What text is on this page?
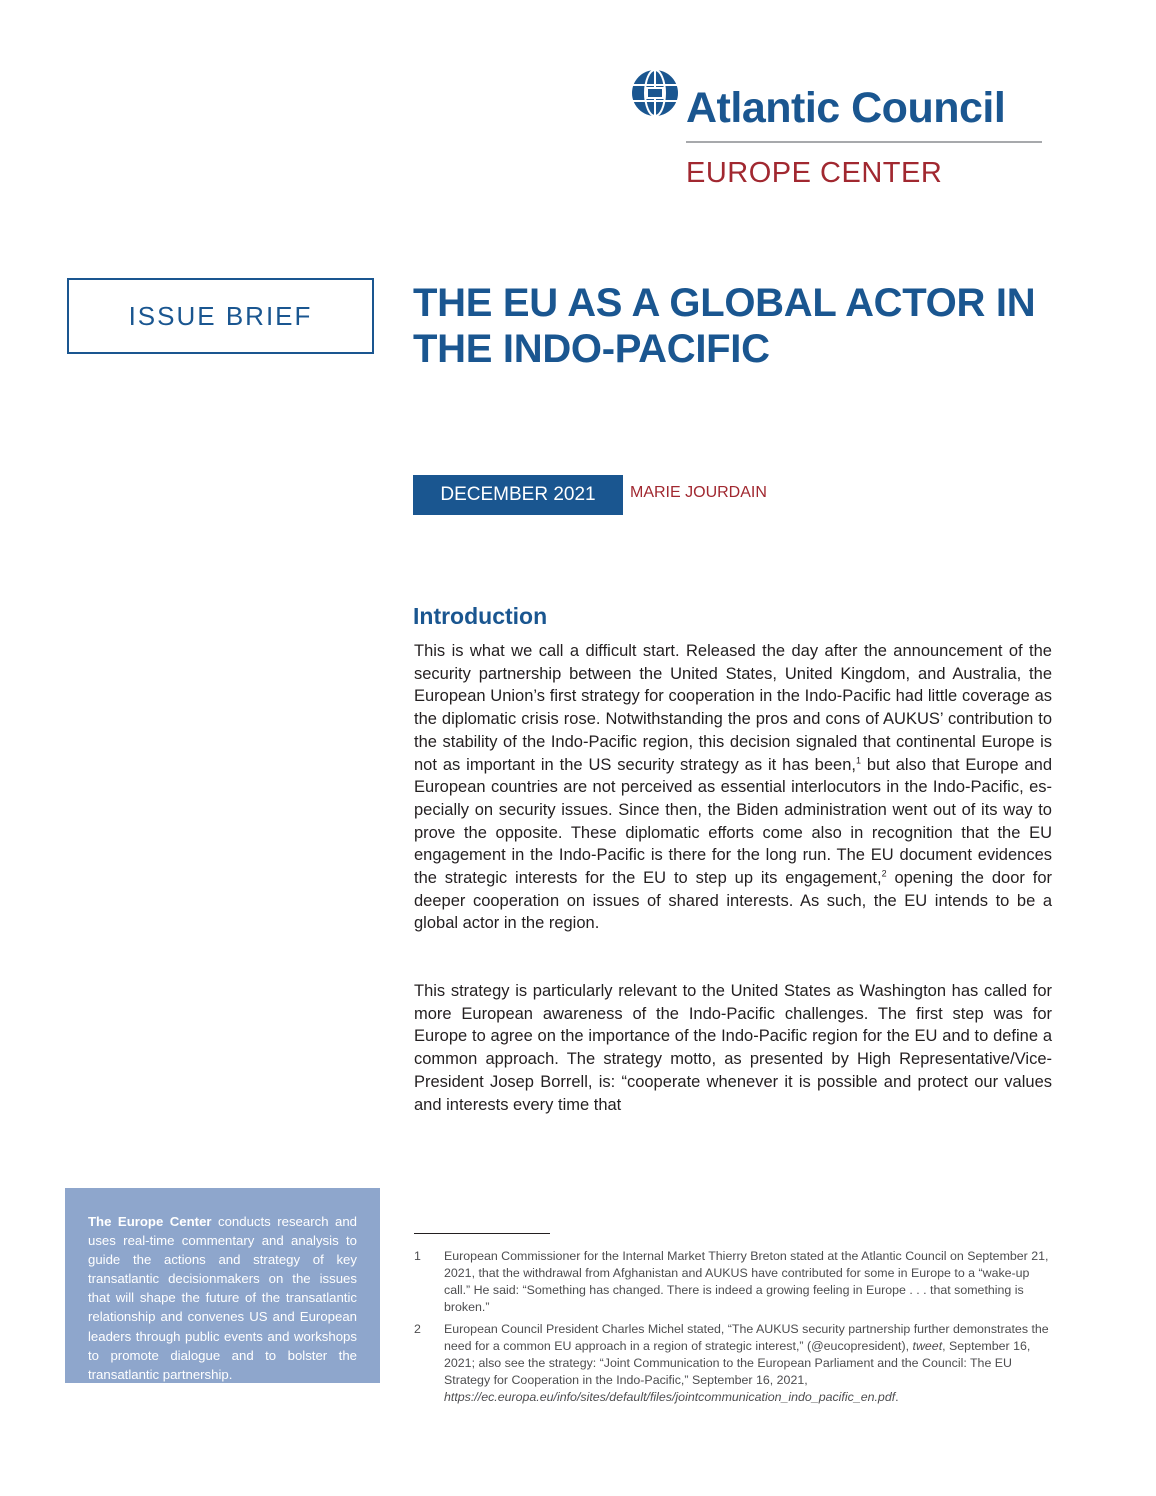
Atlantic Council
EUROPE CENTER
ISSUE BRIEF	THE EU AS A GLOBAL ACTOR IN THE INDO-PACIFIC
DECEMBER 2021 MARIE JOURDAIN
Introduction

This is what we call a difficult start. Released the day after the announcement of the security partnership between the United States, United Kingdom, and Australia, the European Union’s first strategy for cooperation in the Indo-Pacific had little coverage as the diplomatic crisis rose. Notwithstanding the pros and cons of AUKUS’ contribution to the stability of the Indo-Pacific region, this decision signaled that continental Europe is not as important in the US security strategy as it has been,$^1$ but also that Europe and European countries are not perceived as essential interlocutors in the Indo-Pacific, especially on security issues. Since then, the Biden administration went out of its way to prove the opposite. These diplomatic efforts come also in recognition that the EU engagement in the Indo-Pacific is there for the long run. The EU document evidences the strategic interests for the EU to step up its engagement,$^2$ opening the door for deeper cooperation on issues of shared interests. As such, the EU intends to be a global actor in the region.

This strategy is particularly relevant to the United States as Washington has called for more European awareness of the Indo-Pacific challenges. The first step was for Europe to agree on the importance of the Indo-Pacific region for the EU and to define a common approach. The strategy motto, as presented by High Representative/Vice-President Josep Borrell, is: “cooperate whenever it is possible and protect our values and interests every time that

The Europe Center conducts research and uses real-time commentary and analysis to guide the actions and strategy of key transatlantic decisionmakers on the issues that will shape the future of the transatlantic relationship and convenes US and European leaders through public events and workshops to promote dialogue and to bolster the transatlantic partnership.
1 European Commissioner for the Internal Market Thierry Breton stated at the Atlantic Council on September 21, 2021, that the withdrawal from Afghanistan and AUKUS have contributed for some in Europe to a “wake-up call.” He said: “Something has changed. There is indeed a growing feeling in Europe . . . that something is broken.”
2 European Council President Charles Michel stated, “The AUKUS security partnership further demonstrates the need for a common EU approach in a region of strategic interest,” (@eucopresident), tweet, September 16, 2021; also see the strategy: “Joint Communication to the European Parliament and the Council: The EU Strategy for Cooperation in the Indo-Pacific,” September 16, 2021, https://ec.europa.eu/info/sites/default/files/jointcommunication_indo_pacific_en.pdf.
